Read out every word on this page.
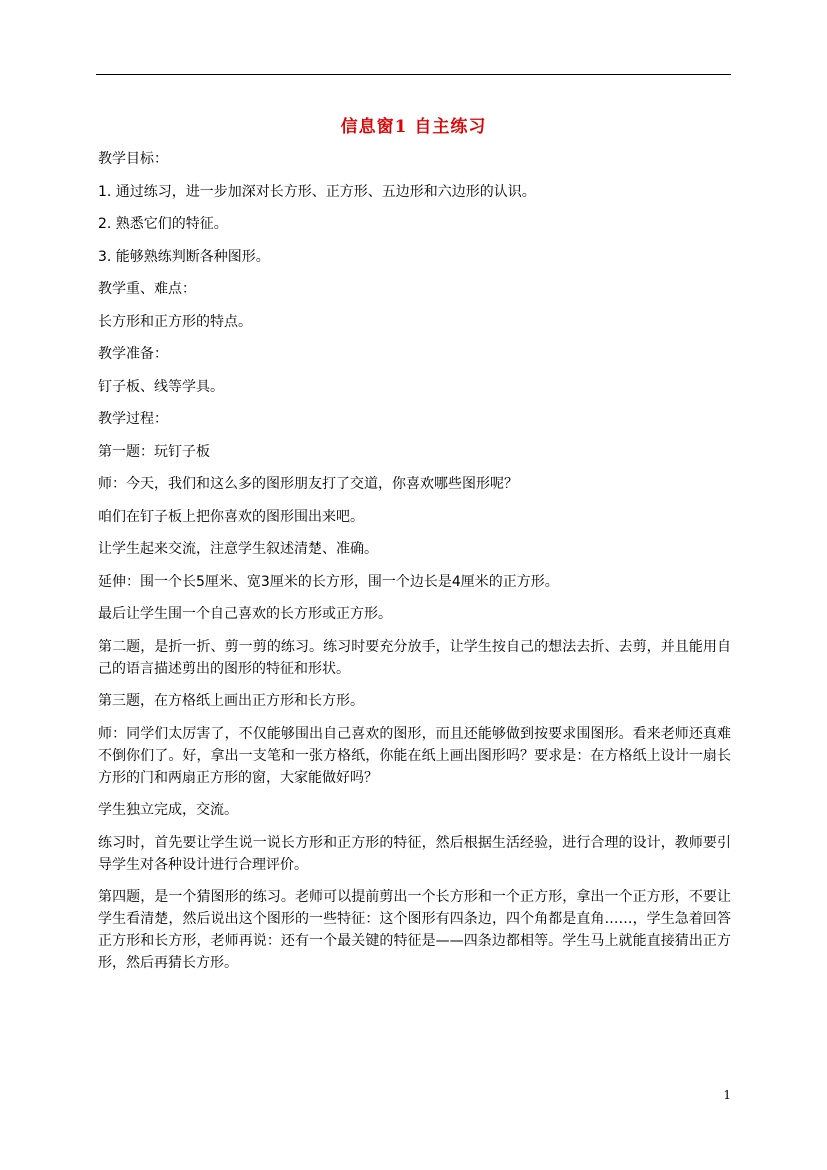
信息窗1 自主练习

教学目标：

1. 通过练习，进一步加深对长方形、正方形、五边形和六边形的认识。

2. 熟悉它们的特征。

3. 能够熟练判断各种图形。

教学重、难点：

长方形和正方形的特点。

教学准备：

钉子板、线等学具。

教学过程：

第一题：玩钉子板

师：今天，我们和这么多的图形朋友打了交道，你喜欢哪些图形呢？

咱们在钉子板上把你喜欢的图形围出来吧。

让学生起来交流，注意学生叙述清楚、准确。

延伸：围一个长5厘米、宽3厘米的长方形，围一个边长是4厘米的正方形。

最后让学生围一个自己喜欢的长方形或正方形。

第二题，是折一折、剪一剪的练习。练习时要充分放手，让学生按自己的想法去折、去剪，并且能用自己的语言描述剪出的图形的特征和形状。

第三题，在方格纸上画出正方形和长方形。

师：同学们太厉害了，不仅能够围出自己喜欢的图形，而且还能够做到按要求围图形。看来老师还真难不倒你们了。好，拿出一支笔和一张方格纸，你能在纸上画出图形吗？要求是：在方格纸上设计一扇长方形的门和两扇正方形的窗，大家能做好吗？

学生独立完成，交流。

练习时，首先要让学生说一说长方形和正方形的特征，然后根据生活经验，进行合理的设计，教师要引导学生对各种设计进行合理评价。

第四题，是一个猜图形的练习。老师可以提前剪出一个长方形和一个正方形，拿出一个正方形，不要让学生看清楚，然后说出这个图形的一些特征：这个图形有四条边，四个角都是直角……，学生急着回答正方形和长方形，老师再说：还有一个最关键的特征是——四条边都相等。学生马上就能直接猜出正方形，然后再猜长方形。

1
